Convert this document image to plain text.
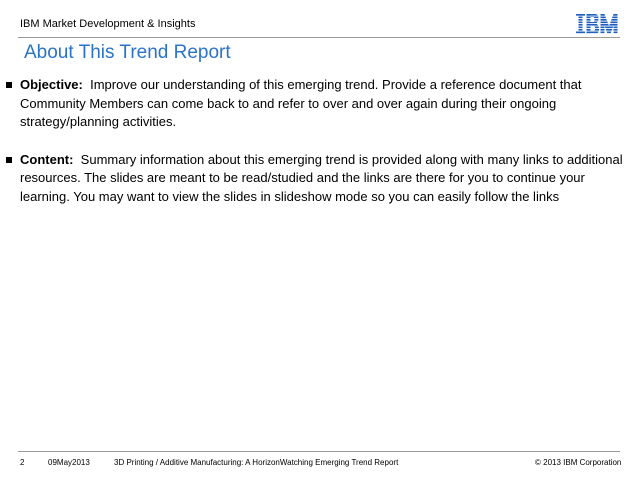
IBM Market Development & Insights
About This Trend Report
Objective: Improve our understanding of this emerging trend. Provide a reference document that Community Members can come back to and refer to over and over again during their ongoing strategy/planning activities.
Content: Summary information about this emerging trend is provided along with many links to additional resources. The slides are meant to be read/studied and the links are there for you to continue your learning. You may want to view the slides in slideshow mode so you can easily follow the links
2	09May2013	3D Printing / Additive Manufacturing: A HorizonWatching Emerging Trend Report	© 2013 IBM Corporation
